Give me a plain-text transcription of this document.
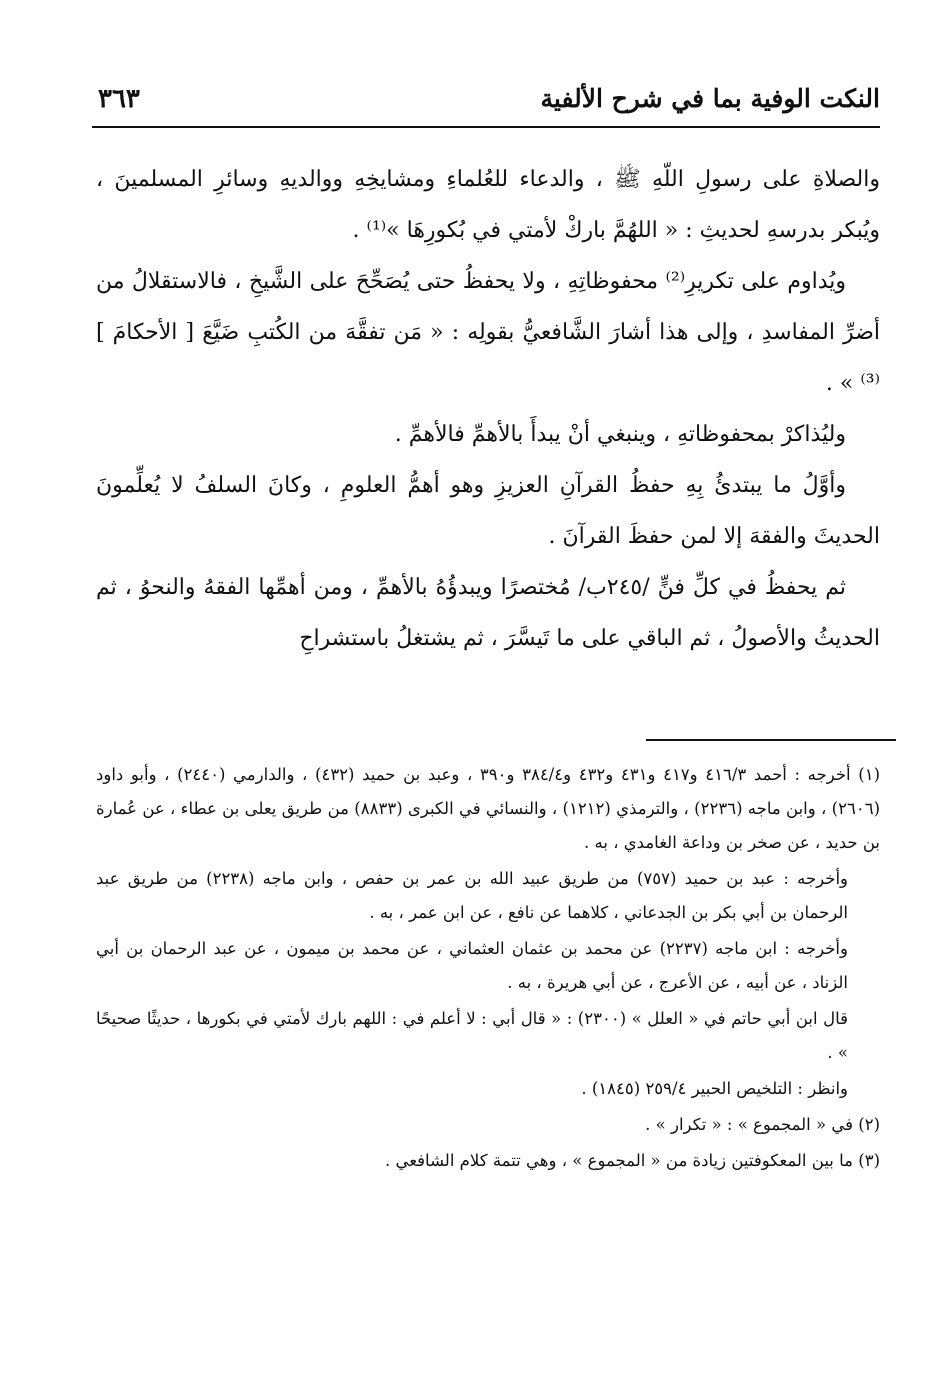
النكت الوفية بما في شرح الألفية
٣٦٣

والصلاةِ على رسولِ اللّهِ ﷺ ، والدعاء للعُلماءِ ومشايخِهِ ووالديهِ وسائرِ المسلمينَ ، ويُبكر بدرسهِ لحديثِ : « اللهُمَّ باركْ لأمتي في بُكورِهَا »⁽¹⁾ .

ويُداوم على تكريرِ⁽²⁾ محفوظاتِهِ ، ولا يحفظُ حتى يُصَحِّحَ على الشَّيخِ ، فالاستقلالُ من أضرِّ المفاسدِ ، وإلى هذا أشارَ الشَّافعيُّ بقولِه : « مَن تفقَّهَ من الكُتبِ ضَيَّعَ [ الأحكامَ ]⁽³⁾ » .

وليُذاكرْ بمحفوظاتهِ ، وينبغي أنْ يبدأَ بالأهمِّ فالأهمِّ .

وأوَّلُ ما يبتدئُ بِهِ حفظُ القرآنِ العزيزِ وهو أهمُّ العلومِ ، وكانَ السلفُ لا يُعلِّمونَ الحديثَ والفقهَ إلا لمن حفظَ القرآنَ .

ثم يحفظُ في كلِّ فنٍّ /٢٤٥ب/ مُختصرًا ويبدؤُهُ بالأهمِّ ، ومن أهمِّها الفقهُ والنحوُ ، ثم الحديثُ والأصولُ ، ثم الباقي على ما تَيسَّرَ ، ثم يشتغلُ باستشراحِ

(١) أخرجه : أحمد ٤١٦/٣ و٤١٧ و٤٣١ و٤٣٢ و٣٨٤/٤ و٣٩٠ ، وعبد بن حميد (٤٣٢) ، والدارمي (٢٤٤٠) ، وأبو داود (٢٦٠٦) ، وابن ماجه (٢٢٣٦) ، والترمذي (١٢١٢) ، والنسائي في الكبرى (٨٨٣٣) من طريق يعلى بن عطاء ، عن عُمارة بن حديد ، عن صخر بن وداعة الغامدي ، به .

وأخرجه : عبد بن حميد (٧٥٧) من طريق عبيد الله بن عمر بن حفص ، وابن ماجه (٢٢٣٨) من طريق عبد الرحمان بن أبي بكر بن الجدعاني ، كلاهما عن نافع ، عن ابن عمر ، به .

وأخرجه : ابن ماجه (٢٢٣٧) عن محمد بن عثمان العثماني ، عن محمد بن ميمون ، عن عبد الرحمان بن أبي الزناد ، عن أبيه ، عن الأعرج ، عن أبي هريرة ، به .

قال ابن أبي حاتم في « العلل » (٢٣٠٠) : « قال أبي : لا أعلم في : اللهم بارك لأمتي في بكورها ، حديثًا صحيحًا » .

وانظر : التلخيص الحبير ٢٥٩/٤ (١٨٤٥) .

(٢) في « المجموع » : « تكرار » .

(٣) ما بين المعكوفتين زيادة من « المجموع » ، وهي تتمة كلام الشافعي .
